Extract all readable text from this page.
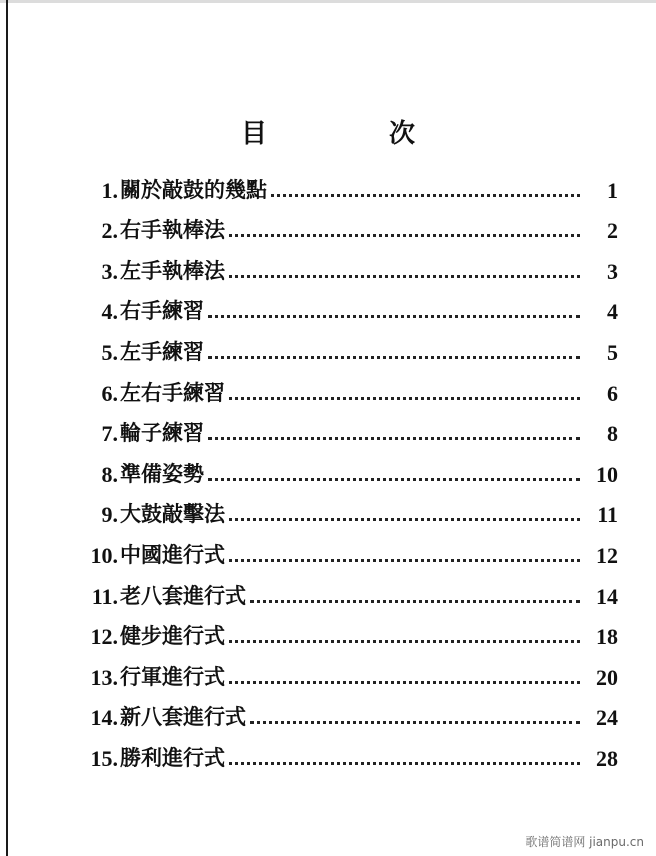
目　次
1. 關於敲鼓的幾點	1
2. 右手執棒法	2
3. 左手執棒法	3
4. 右手練習	4
5. 左手練習	5
6. 左右手練習	6
7. 輪子練習	8
8. 準備姿勢	10
9. 大鼓敲擊法	11
10. 中國進行式	12
11. 老八套進行式	14
12. 健步進行式	18
13. 行軍進行式	20
14. 新八套進行式	24
15. 勝利進行式	28
歌谱简谱网 jianpu.cn
